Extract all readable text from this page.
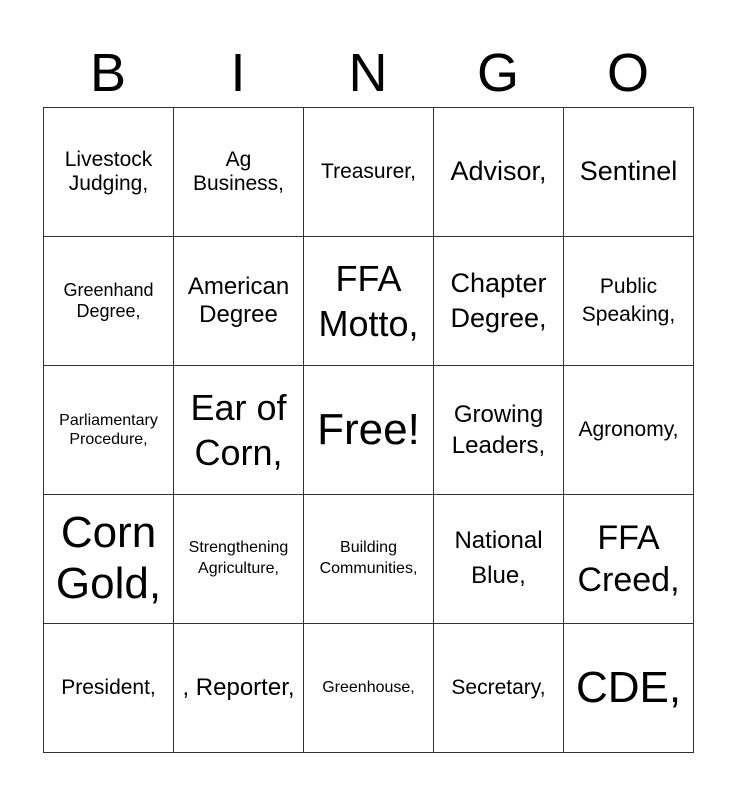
B	I	N	G	O
Livestock Judging,	Ag Business,	Treasurer,	Advisor,	Sentinel

Greenhand Degree,	American Degree	FFA Motto,	Chapter Degree,	Public Speaking,

Parliamentary Procedure,	Ear of Corn,	Free!	Growing Leaders,	Agronomy,

Corn Gold,	Strengthening Agriculture,	Building Communities,	National Blue,	FFA Creed,

President,	, Reporter,	Greenhouse,	Secretary,	CDE,
